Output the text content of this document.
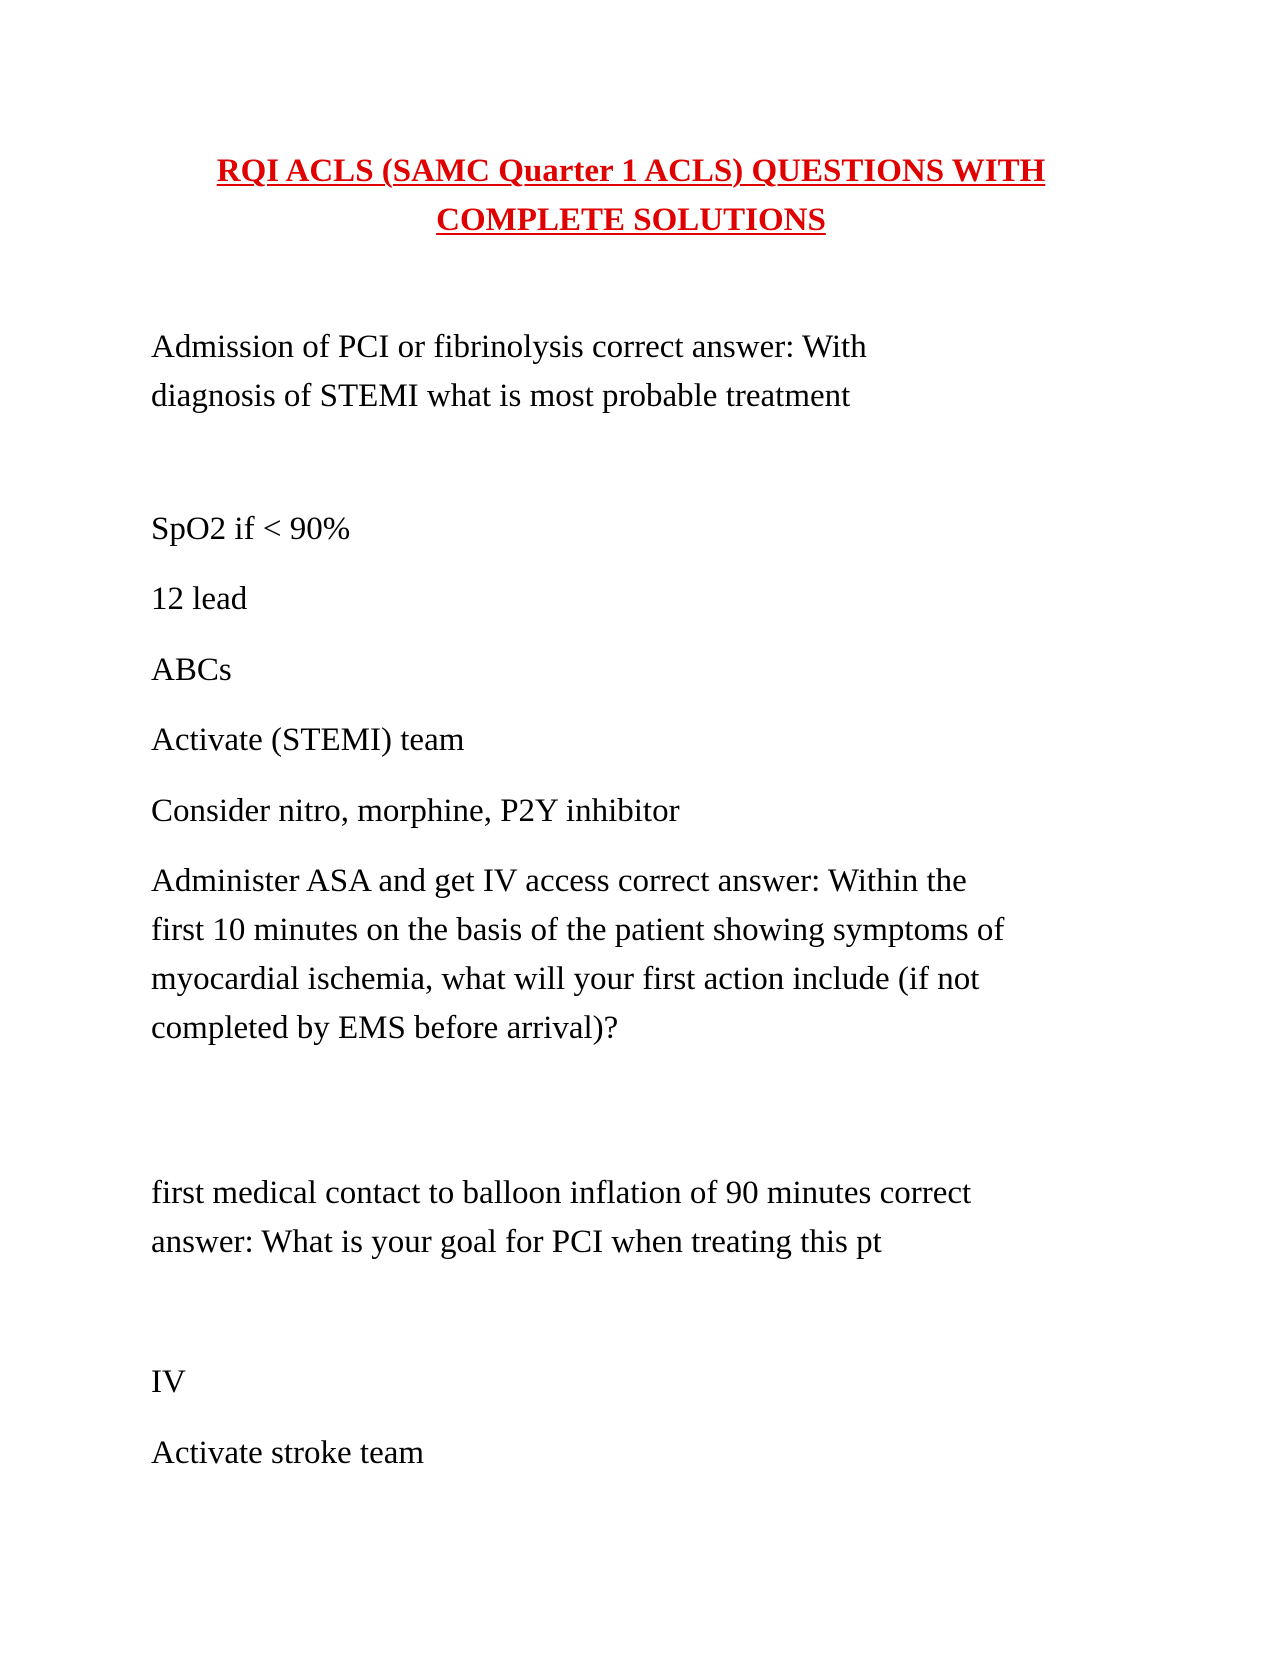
RQI ACLS (SAMC Quarter 1 ACLS) QUESTIONS WITH
COMPLETE SOLUTIONS

Admission of PCI or fibrinolysis correct answer: With
diagnosis of STEMI what is most probable treatment

SpO2 if < 90%

12 lead

ABCs

Activate (STEMI) team

Consider nitro, morphine, P2Y inhibitor

Administer ASA and get IV access correct answer: Within the
first 10 minutes on the basis of the patient showing symptoms of
myocardial ischemia, what will your first action include (if not
completed by EMS before arrival)?

first medical contact to balloon inflation of 90 minutes correct
answer: What is your goal for PCI when treating this pt

IV

Activate stroke team
